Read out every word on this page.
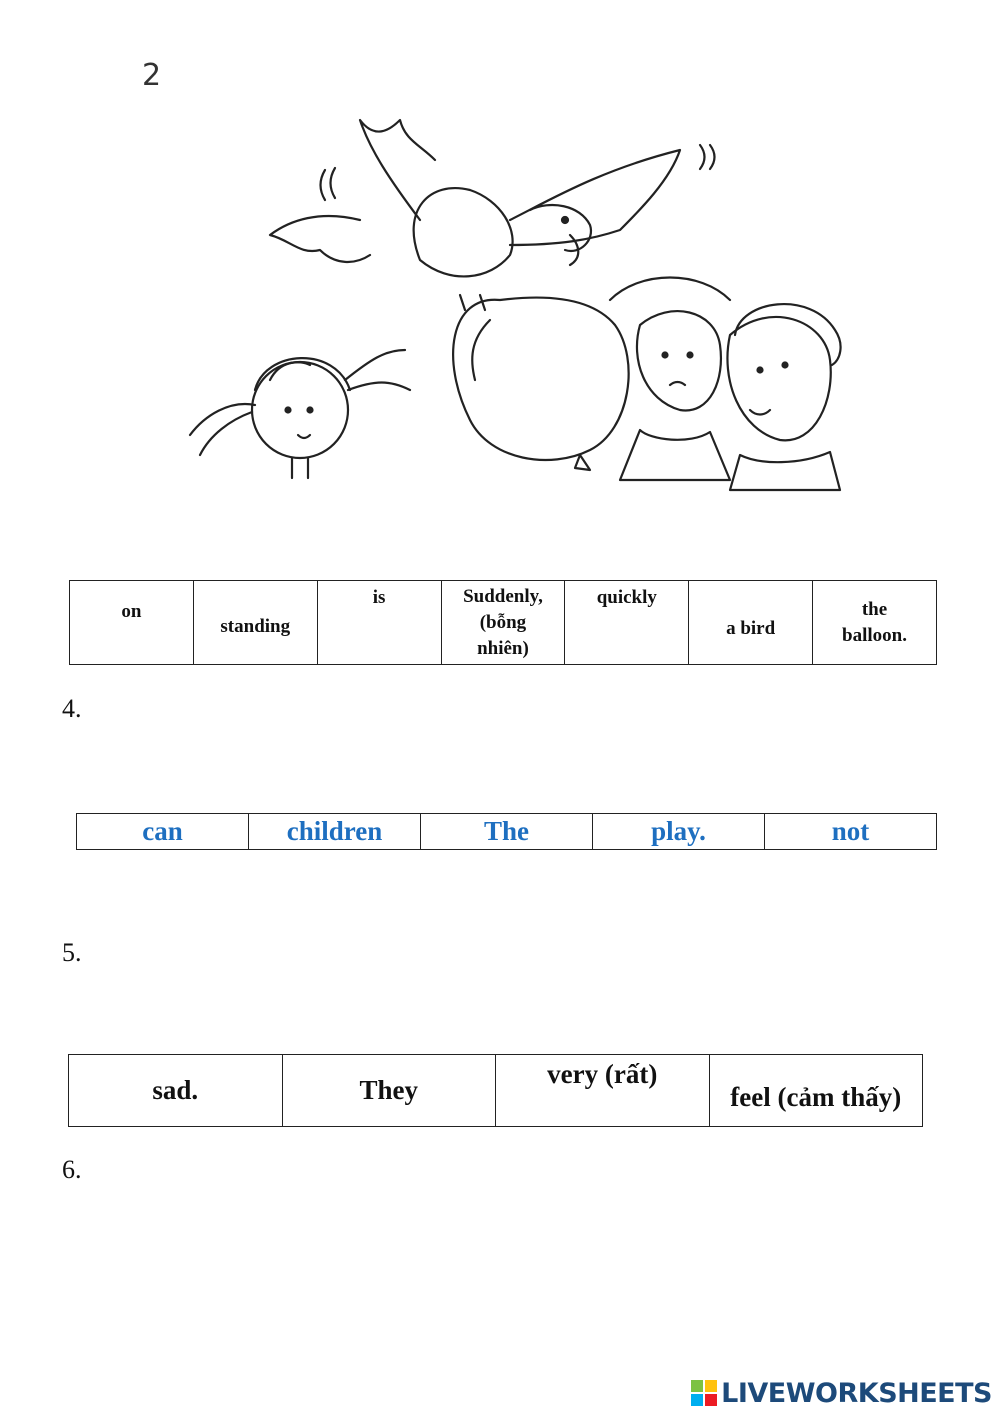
2
on	standing	is	Suddenly,
(bỗng
nhiên)	quickly	a bird	the
balloon.
4.
can	children	The	play.	not
5.
sad.	They	very (rất)	feel (cảm thấy)
6.
LIVEWORKSHEETS
